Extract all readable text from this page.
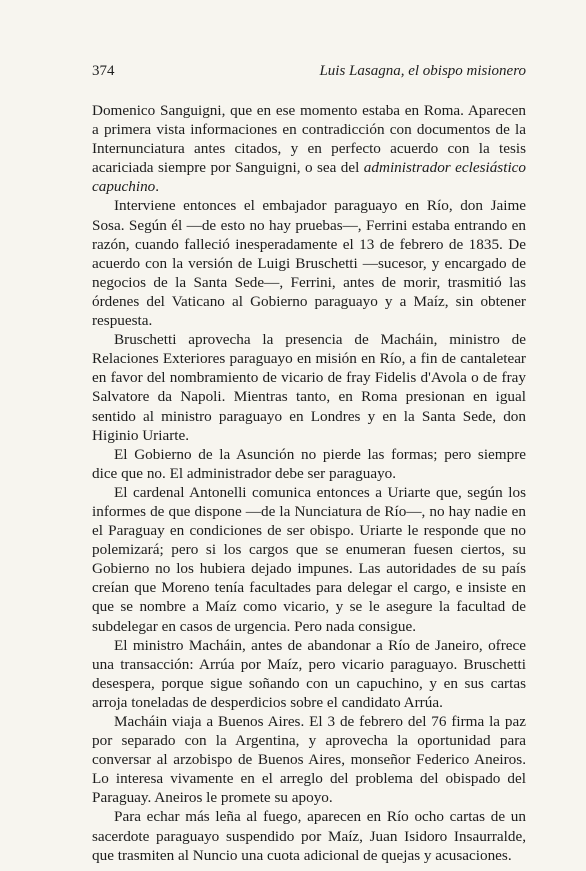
374	Luis Lasagna, el obispo misionero

Domenico Sanguigni, que en ese momento estaba en Roma. Aparecen a primera vista informaciones en contradicción con documentos de la Internunciatura antes citados, y en perfecto acuerdo con la tesis acariciada siempre por Sanguigni, o sea del administrador eclesiástico capuchino.

Interviene entonces el embajador paraguayo en Río, don Jaime Sosa. Según él —de esto no hay pruebas—, Ferrini estaba entrando en razón, cuando falleció inesperadamente el 13 de febrero de 1835. De acuerdo con la versión de Luigi Bruschetti —sucesor, y encargado de negocios de la Santa Sede—, Ferrini, antes de morir, trasmitió las órdenes del Vaticano al Gobierno paraguayo y a Maíz, sin obtener respuesta.

Bruschetti aprovecha la presencia de Macháin, ministro de Relaciones Exteriores paraguayo en misión en Río, a fin de cantaletear en favor del nombramiento de vicario de fray Fidelis d'Avola o de fray Salvatore da Napoli. Mientras tanto, en Roma presionan en igual sentido al ministro paraguayo en Londres y en la Santa Sede, don Higinio Uriarte.

El Gobierno de la Asunción no pierde las formas; pero siempre dice que no. El administrador debe ser paraguayo.

El cardenal Antonelli comunica entonces a Uriarte que, según los informes de que dispone —de la Nunciatura de Río—, no hay nadie en el Paraguay en condiciones de ser obispo. Uriarte le responde que no polemizará; pero si los cargos que se enumeran fuesen ciertos, su Gobierno no los hubiera dejado impunes. Las autoridades de su país creían que Moreno tenía facultades para delegar el cargo, e insiste en que se nombre a Maíz como vicario, y se le asegure la facultad de subdelegar en casos de urgencia. Pero nada consigue.

El ministro Macháin, antes de abandonar a Río de Janeiro, ofrece una transacción: Arrúa por Maíz, pero vicario paraguayo. Bruschetti desespera, porque sigue soñando con un capuchino, y en sus cartas arroja toneladas de desperdicios sobre el candidato Arrúa.

Macháin viaja a Buenos Aires. El 3 de febrero del 76 firma la paz por separado con la Argentina, y aprovecha la oportunidad para conversar al arzobispo de Buenos Aires, monseñor Federico Aneiros. Lo interesa vivamente en el arreglo del problema del obispado del Paraguay. Aneiros le promete su apoyo.

Para echar más leña al fuego, aparecen en Río ocho cartas de un sacerdote paraguayo suspendido por Maíz, Juan Isidoro Insaurralde, que trasmiten al Nuncio una cuota adicional de quejas y acusaciones.
